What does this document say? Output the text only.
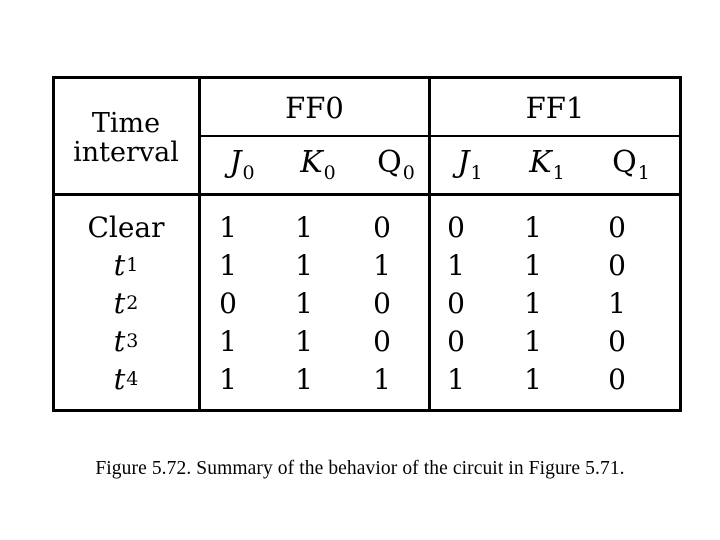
Time
interval
FF0	FF1
$J_0$ $K_0$ $Q_0$ $J_1$ $K_1$ $Q_1$
Clear	1	1	0	0	1	0
t 1	1	1	1	1	1	0
t 2	0	1	0	0	1	1
t 3	1	1	0	0	1	0
t 4	1	1	1	1	1	0
Figure 5.72. Summary of the behavior of the circuit in Figure 5.71.
